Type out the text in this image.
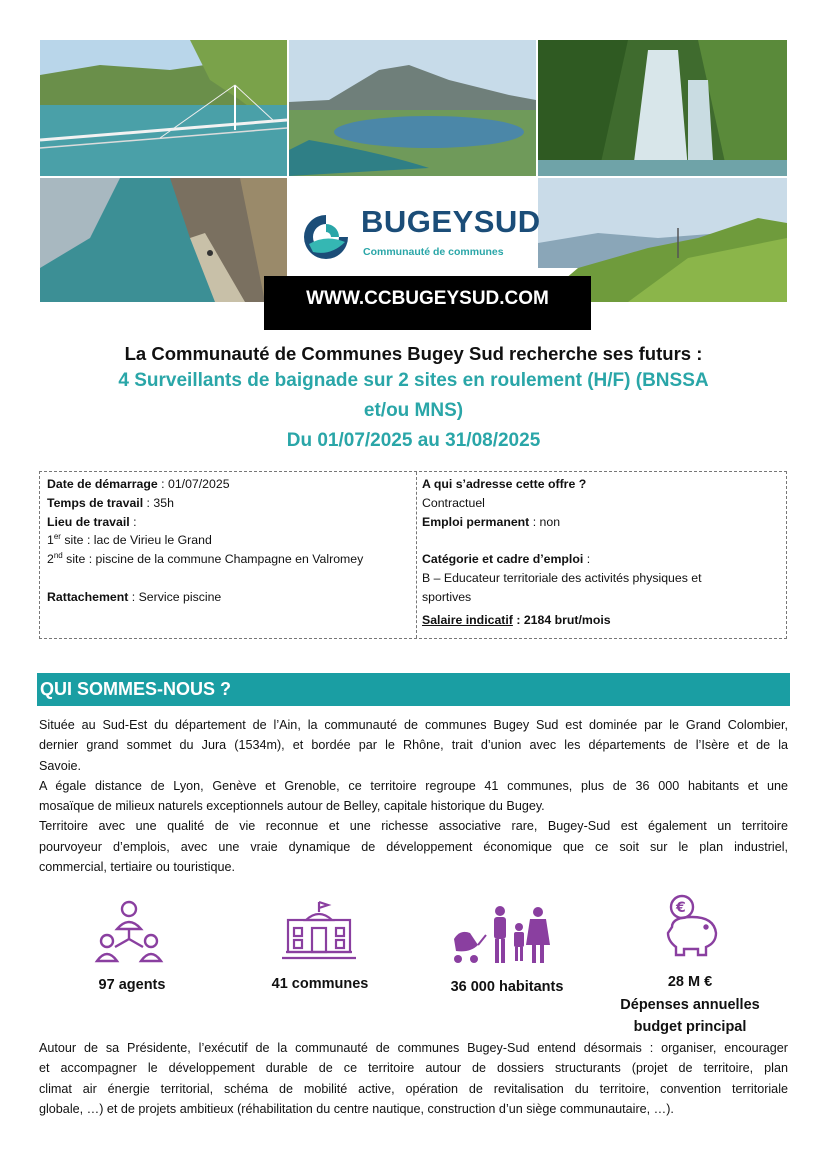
BUGEYSUD
Communauté de communes
WWW.CCBUGEYSUD.COM
La Communauté de Communes Bugey Sud recherche ses futurs :
4 Surveillants de baignade sur 2 sites en roulement (H/F) (BNSSA
et/ou MNS)
Du 01/07/2025 au 31/08/2025
Date de démarrage : 01/07/2025
Temps de travail : 35h
Lieu de travail :
1er site : lac de Virieu le Grand
2nd site : piscine de la commune Champagne en Valromey
Rattachement : Service piscine
A qui s’adresse cette offre ?
Contractuel
Emploi permanent : non
Catégorie et cadre d’emploi :
B – Educateur territoriale des activités physiques et
sportives
Salaire indicatif : 2184 brut/mois
QUI SOMMES-NOUS ?
Située au Sud-Est du département de l’Ain, la communauté de communes Bugey Sud est dominée par le Grand Colombier,
dernier grand sommet du Jura (1534m), et bordée par le Rhône, trait d’union avec les départements de l’Isère et de la
Savoie.
A égale distance de Lyon, Genève et Grenoble, ce territoire regroupe 41 communes, plus de 36 000 habitants et une
mosaïque de milieux naturels exceptionnels autour de Belley, capitale historique du Bugey.
Territoire avec une qualité de vie reconnue et une richesse associative rare, Bugey-Sud est également un territoire
pourvoyeur d’emplois, avec une vraie dynamique de développement économique que ce soit sur le plan industriel,
commercial, tertiaire ou touristique.
€
97 agents	41 communes	36 000 habitants	28 M €
Dépenses annuelles
budget principal
Autour de sa Présidente, l’exécutif de la communauté de communes Bugey-Sud entend désormais : organiser, encourager
et accompagner le développement durable de ce territoire autour de dossiers structurants (projet de territoire, plan
climat air énergie territorial, schéma de mobilité active, opération de revitalisation du territoire, convention territoriale
globale, …) et de projets ambitieux (réhabilitation du centre nautique, construction d’un siège communautaire, …).
